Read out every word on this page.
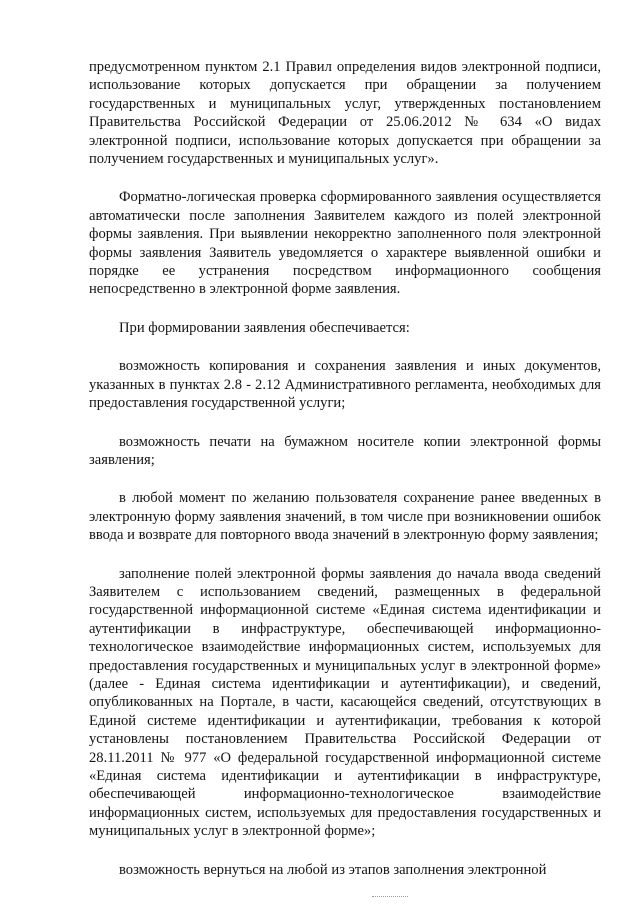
предусмотренном пунктом 2.1 Правил определения видов электронной подписи, использование которых допускается при обращении за получением государственных и муниципальных услуг, утвержденных постановлением Правительства Российской Федерации от 25.06.2012 № 634 «О видах электронной подписи, использование которых допускается при обращении за получением государственных и муниципальных услуг».

Форматно-логическая проверка сформированного заявления осуществляется автоматически после заполнения Заявителем каждого из полей электронной формы заявления. При выявлении некорректно заполненного поля электронной формы заявления Заявитель уведомляется о характере выявленной ошибки и порядке ее устранения посредством информационного сообщения непосредственно в электронной форме заявления.

При формировании заявления обеспечивается:

возможность копирования и сохранения заявления и иных документов, указанных в пунктах 2.8 - 2.12 Административного регламента, необходимых для предоставления государственной услуги;

возможность печати на бумажном носителе копии электронной формы заявления;

в любой момент по желанию пользователя сохранение ранее введенных в электронную форму заявления значений, в том числе при возникновении ошибок ввода и возврате для повторного ввода значений в электронную форму заявления;

заполнение полей электронной формы заявления до начала ввода сведений Заявителем с использованием сведений, размещенных в федеральной государственной информационной системе «Единая система идентификации и аутентификации в инфраструктуре, обеспечивающей информационно-технологическое взаимодействие информационных систем, используемых для предоставления государственных и муниципальных услуг в электронной форме» (далее - Единая система идентификации и аутентификации), и сведений, опубликованных на Портале, в части, касающейся сведений, отсутствующих в Единой системе идентификации и аутентификации, требования к которой установлены постановлением Правительства Российской Федерации от 28.11.2011 № 977 «О федеральной государственной информационной системе «Единая система идентификации и аутентификации в инфраструктуре, обеспечивающей информационно-технологическое взаимодействие информационных систем, используемых для предоставления государственных и муниципальных услуг в электронной форме»;

возможность вернуться на любой из этапов заполнения электронной
